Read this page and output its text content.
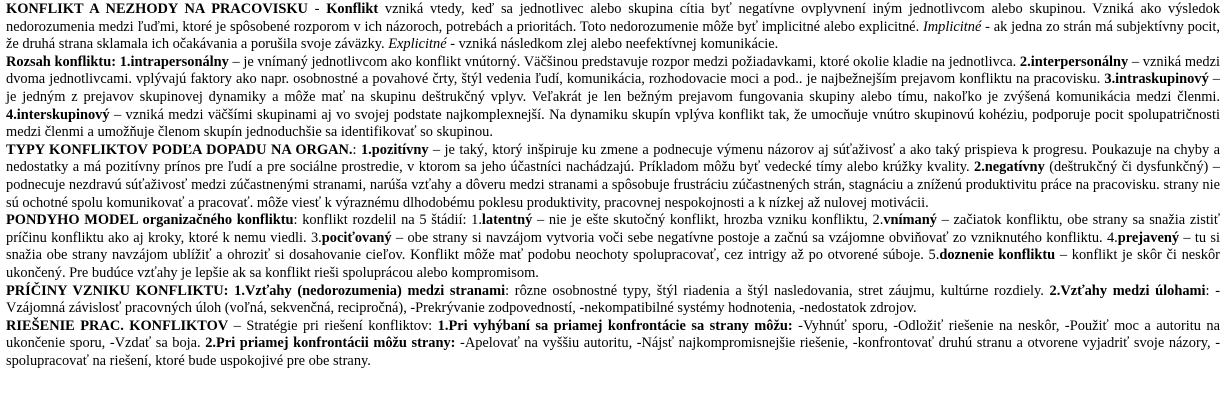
KONFLIKT A NEZHODY NA PRACOVISKU - Konflikt vzniká vtedy, keď sa jednotlivec alebo skupina cítia byť negatívne ovplyvnení iným jednotlivcom alebo skupinou. Vzniká ako výsledok nedorozumenia medzi ľuďmi, ktoré je spôsobené rozporom v ich názoroch, potrebách a prioritách. Toto nedorozumenie môže byť implicitné alebo explicitné. Implicitné - ak jedna zo strán má subjektívny pocit, že druhá strana sklamala ich očakávania a porušila svoje záväzky. Explicitné - vzniká následkom zlej alebo neefektívnej komunikácie.

Rozsah konfliktu: 1.intrapersonálny – je vnímaný jednotlivcom ako konflikt vnútorný. Väčšinou predstavuje rozpor medzi požiadavkami, ktoré okolie kladie na jednotlivca. 2.interpersonálny – vzniká medzi dvoma jednotlivcami. vplývajú faktory ako napr. osobnostné a povahové črty, štýl vedenia ľudí, komunikácia, rozhodovacie moci a pod.. je najbežnejším prejavom konfliktu na pracovisku. 3.intraskupinový – je jedným z prejavov skupinovej dynamiky a môže mať na skupinu deštrukčný vplyv. Veľakrát je len bežným prejavom fungovania skupiny alebo tímu, nakoľko je zvýšená komunikácia medzi členmi. 4.interskupinový – vzniká medzi väčšími skupinami aj vo svojej podstate najkomplexnejší. Na dynamiku skupín vplýva konflikt tak, že umocňuje vnútro skupinovú kohéziu, podporuje pocit spolupatričnosti medzi členmi a umožňuje členom skupín jednoduchšie sa identifikovať so skupinou.

TYPY KONFLIKTOV PODĽA DOPADU NA ORGAN.: 1.pozitívny – je taký, ktorý inšpiruje ku zmene a podnecuje výmenu názorov aj súťaživosť a ako taký prispieva k progresu. Poukazuje na chyby a nedostatky a má pozitívny prínos pre ľudí a pre sociálne prostredie, v ktorom sa jeho účastníci nachádzajú. Príkladom môžu byť vedecké tímy alebo krúžky kvality. 2.negatívny (deštrukčný či dysfunkčný) – podnecuje nezdravú súťaživosť medzi zúčastnenými stranami, narúša vzťahy a dôveru medzi stranami a spôsobuje frustráciu zúčastnených strán, stagnáciu a zníženú produktivitu práce na pracovisku. strany nie sú ochotné spolu komunikovať a pracovať. môže viesť k výraznému dlhodobému poklesu produktivity, pracovnej nespokojnosti a k nízkej až nulovej motivácii.

PONDYHO MODEL organizačného konfliktu: konflikt rozdelil na 5 štádií: 1.latentný – nie je ešte skutočný konflikt, hrozba vzniku konfliktu, 2.vnímaný – začiatok konfliktu, obe strany sa snažia zistiť príčinu konfliktu ako aj kroky, ktoré k nemu viedli. 3.pociťovaný – obe strany si navzájom vytvoria voči sebe negatívne postoje a začnú sa vzájomne obviňovať zo vzniknutého konfliktu. 4.prejavený – tu si snažia obe strany navzájom ublížiť a ohroziť si dosahovanie cieľov. Konflikt môže mať podobu neochoty spolupracovať, cez intrigy až po otvorené súboje. 5.doznenie konfliktu – konflikt je skôr či neskôr ukončený. Pre budúce vzťahy je lepšie ak sa konflikt rieši spoluprácou alebo kompromisom.

PRÍČINY VZNIKU KONFLIKTU: 1.Vzťahy (nedorozumenia) medzi stranami: rôzne osobnostné typy, štýl riadenia a štýl nasledovania, stret záujmu, kultúrne rozdiely. 2.Vzťahy medzi úlohami: -Vzájomná závislosť pracovných úloh (voľná, sekvenčná, recipročná), -Prekrývanie zodpovedností, -nekompatibilné systémy hodnotenia, -nedostatok zdrojov.

RIEŠENIE PRAC. KONFLIKTOV – Stratégie pri riešení konfliktov: 1.Pri vyhýbaní sa priamej konfrontácie sa strany môžu: -Vyhnúť sporu, -Odložiť riešenie na neskôr, -Použiť moc a autoritu na ukončenie sporu, -Vzdať sa boja. 2.Pri priamej konfrontácii môžu strany: -Apelovať na vyššiu autoritu, -Nájsť najkompromisnejšie riešenie, -konfrontovať druhú stranu a otvorene vyjadriť svoje názory, -spolupracovať na riešení, ktoré bude uspokojivé pre obe strany.
